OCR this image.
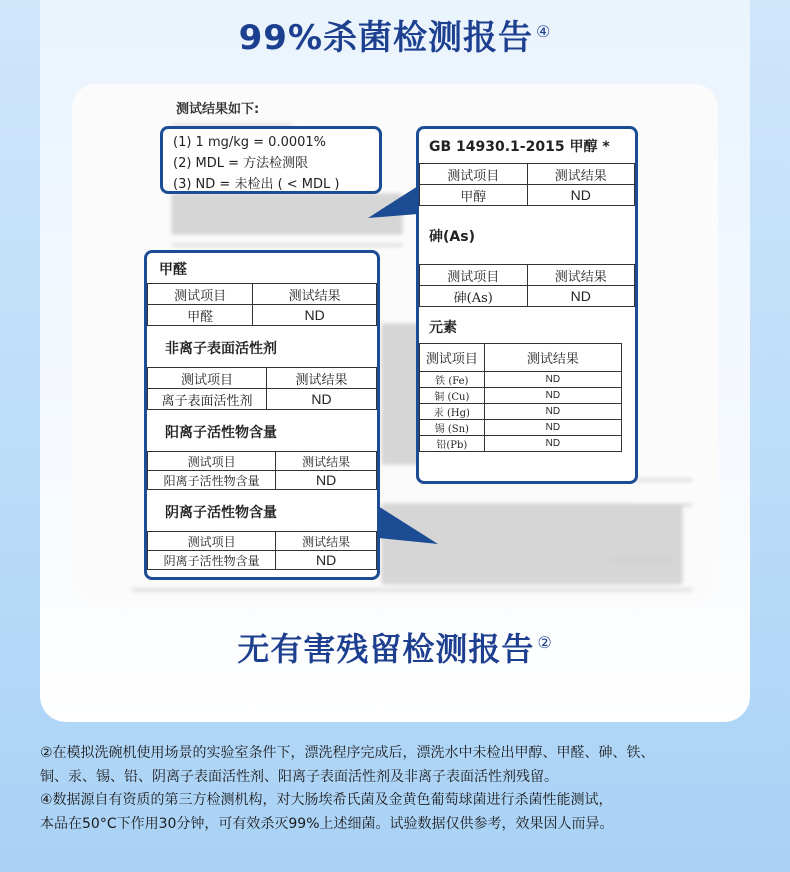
99%杀菌检测报告 ④
测试结果如下:
(1) 1 mg/kg = 0.0001%
(2) MDL = 方法检测限
(3) ND = 未检出 ( < MDL )
GB 14930.1-2015 甲醇 *
测试项目	测试结果
甲醇	ND
砷(As)
测试项目	测试结果
砷(As)	ND
元素
测试项目	测试结果
铁 (Fe)	ND
铜 (Cu)	ND
汞 (Hg)	ND
锡 (Sn)	ND
铅(Pb)	ND
甲醛
测试项目	测试结果
甲醛	ND
非离子表面活性剂
测试项目	测试结果
离子表面活性剂	ND
阳离子活性物含量
测试项目	测试结果
阳离子活性物含量	ND
阴离子活性物含量
测试项目	测试结果
阴离子活性物含量	ND
无有害残留检测报告 ②

②在模拟洗碗机使用场景的实验室条件下，漂洗程序完成后，漂洗水中未检出甲醇、甲醛、砷、铁、

铜、汞、锡、铅、阴离子表面活性剂、阳离子表面活性剂及非离子表面活性剂残留。

④数据源自有资质的第三方检测机构，对大肠埃希氏菌及金黄色葡萄球菌进行杀菌性能测试，

本品在50°C下作用30分钟，可有效杀灭99%上述细菌。试验数据仅供参考，效果因人而异。
